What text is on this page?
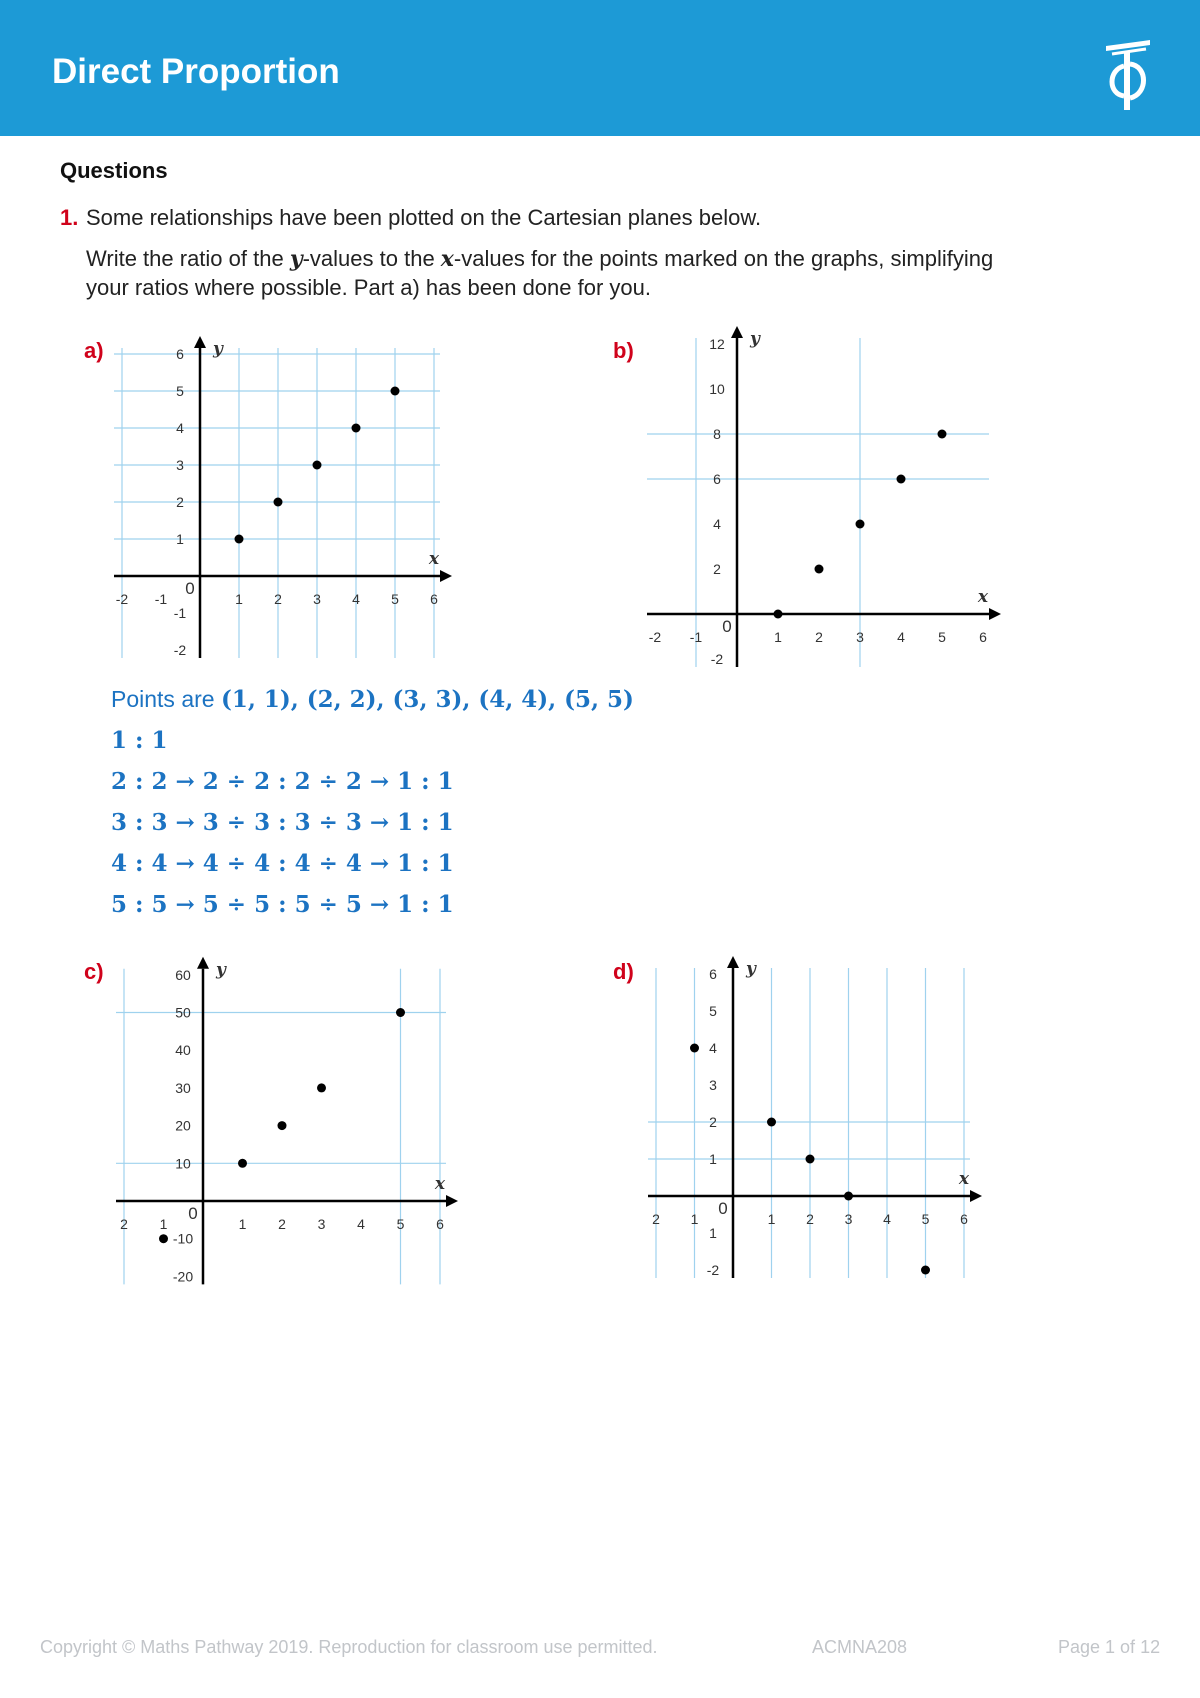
Direct Proportion
Questions
1. Some relationships have been plotted on the Cartesian planes below.
Write the ratio of the y-values to the x-values for the points marked on the graphs, simplifying
your ratios where possible. Part a) has been done for you.
a)	b)
c)	d)
-2 -1	1 2 3 4 5 6
-2
-1
1
2
3
4
5
6
0
x
y
-2 -1	1 2 3 4 5 6
-2
2
4
6
8
10
12
0
x
y
2 1	1 2 3 4 5 6
-20
-10
10
20
30
40
50
60
0
x
y
2 1	1 2 3 4 5 6
-2
1
1
2
3
4
5
6
0
x
y
Points are (1, 1), (2, 2), (3, 3), (4, 4), (5, 5)
1 : 1
2 : 2 → 2 ÷ 2 : 2 ÷ 2 → 1 : 1
3 : 3 → 3 ÷ 3 : 3 ÷ 3 → 1 : 1
4 : 4 → 4 ÷ 4 : 4 ÷ 4 → 1 : 1
5 : 5 → 5 ÷ 5 : 5 ÷ 5 → 1 : 1
Copyright © Maths Pathway 2019. Reproduction for classroom use permitted.	ACMNA208	Page 1 of 12
